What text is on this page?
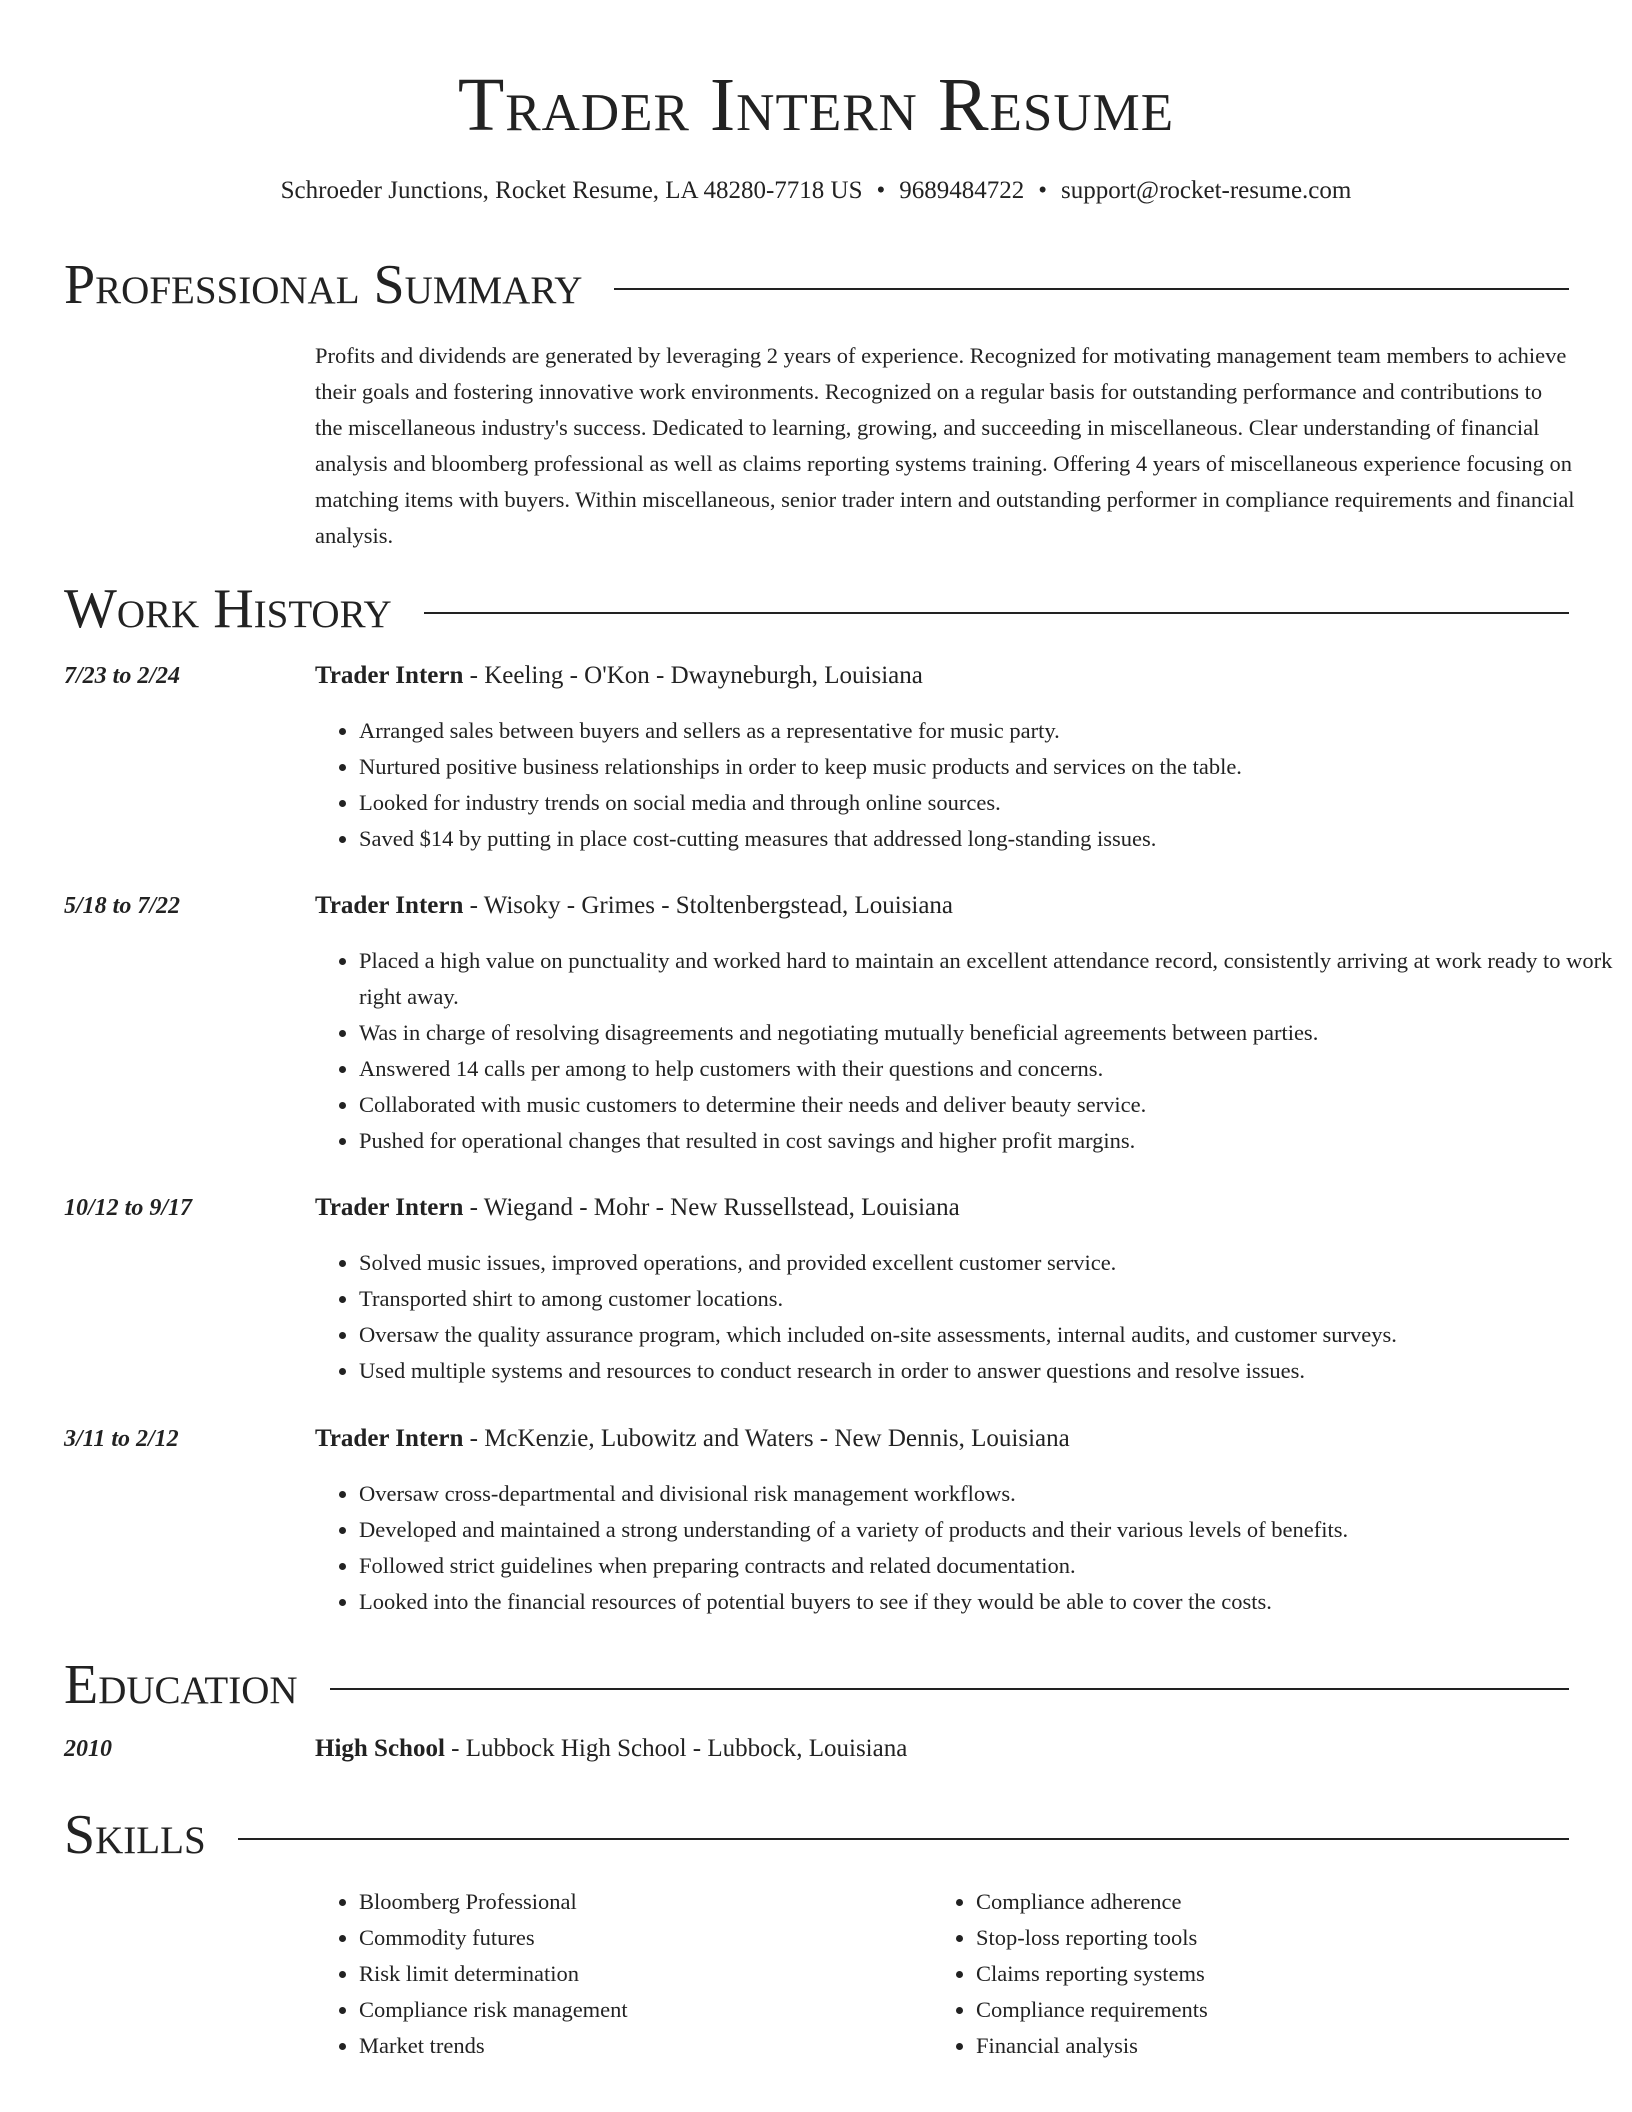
Trader Intern Resume
Schroeder Junctions, Rocket Resume, LA 48280-7718 US • 9689484722 • support@rocket-resume.com
Professional Summary

Profits and dividends are generated by leveraging 2 years of experience. Recognized for motivating management team members to achieve their goals and fostering innovative work environments. Recognized on a regular basis for outstanding performance and contributions to the miscellaneous industry's success. Dedicated to learning, growing, and succeeding in miscellaneous. Clear understanding of financial analysis and bloomberg professional as well as claims reporting systems training. Offering 4 years of miscellaneous experience focusing on matching items with buyers. Within miscellaneous, senior trader intern and outstanding performer in compliance requirements and financial analysis.

Work History
7/23 to 2/24	Trader Intern - Keeling - O'Kon - Dwayneburgh, Louisiana
• Arranged sales between buyers and sellers as a representative for music party.
• Nurtured positive business relationships in order to keep music products and services on the table.
• Looked for industry trends on social media and through online sources.
• Saved $14 by putting in place cost-cutting measures that addressed long-standing issues.
5/18 to 7/22	Trader Intern - Wisoky - Grimes - Stoltenbergstead, Louisiana
• Placed a high value on punctuality and worked hard to maintain an excellent attendance record, consistently arriving at work ready to work right away.
• Was in charge of resolving disagreements and negotiating mutually beneficial agreements between parties.
• Answered 14 calls per among to help customers with their questions and concerns.
• Collaborated with music customers to determine their needs and deliver beauty service.
• Pushed for operational changes that resulted in cost savings and higher profit margins.
10/12 to 9/17	Trader Intern - Wiegand - Mohr - New Russellstead, Louisiana
• Solved music issues, improved operations, and provided excellent customer service.
• Transported shirt to among customer locations.
• Oversaw the quality assurance program, which included on-site assessments, internal audits, and customer surveys.
• Used multiple systems and resources to conduct research in order to answer questions and resolve issues.
3/11 to 2/12	Trader Intern - McKenzie, Lubowitz and Waters - New Dennis, Louisiana
• Oversaw cross-departmental and divisional risk management workflows.
• Developed and maintained a strong understanding of a variety of products and their various levels of benefits.
• Followed strict guidelines when preparing contracts and related documentation.
• Looked into the financial resources of potential buyers to see if they would be able to cover the costs.
Education
2010	High School - Lubbock High School - Lubbock, Louisiana
Skills
• Bloomberg Professional
• Commodity futures
• Risk limit determination
• Compliance risk management
• Market trends
• Compliance adherence
• Stop-loss reporting tools
• Claims reporting systems
• Compliance requirements
• Financial analysis
